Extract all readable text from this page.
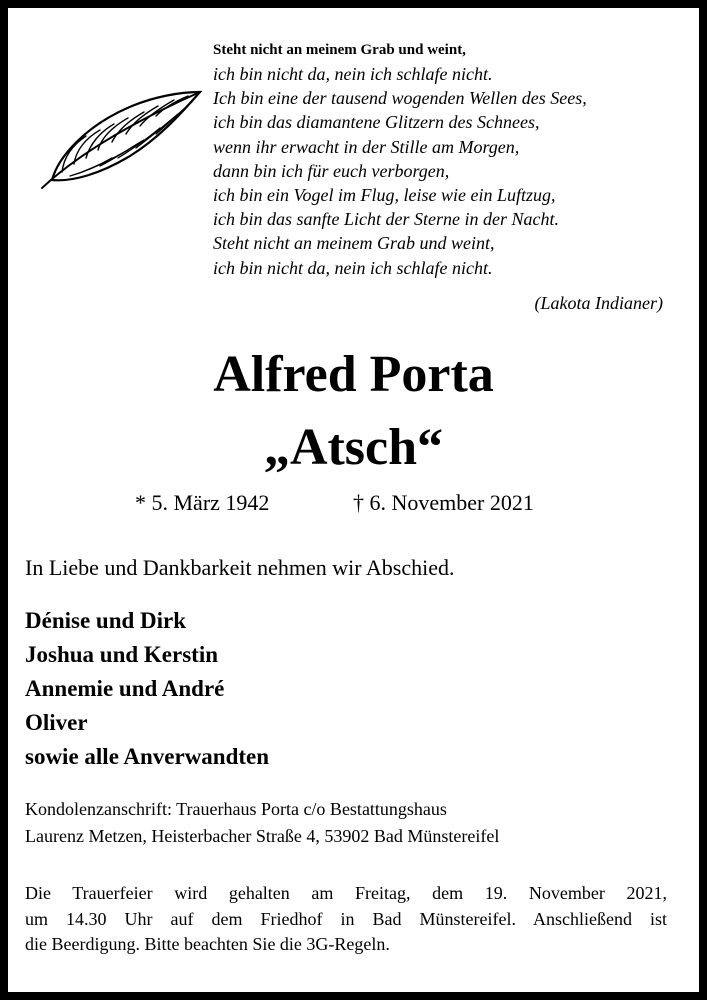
Steht nicht an meinem Grab und weint,
ich bin nicht da, nein ich schlafe nicht.
Ich bin eine der tausend wogenden Wellen des Sees,
ich bin das diamantene Glitzern des Schnees,
wenn ihr erwacht in der Stille am Morgen,
dann bin ich für euch verborgen,
ich bin ein Vogel im Flug, leise wie ein Luftzug,
ich bin das sanfte Licht der Sterne in der Nacht.
Steht nicht an meinem Grab und weint,
ich bin nicht da, nein ich schlafe nicht.
(Lakota Indianer)
Alfred Porta
„Atsch“
* 5. März 1942	† 6. November 2021
In Liebe und Dankbarkeit nehmen wir Abschied.
Dénise und Dirk
Joshua und Kerstin
Annemie und André
Oliver
sowie alle Anverwandten
Kondolenzanschrift: Trauerhaus Porta c/o Bestattungshaus
Laurenz Metzen, Heisterbacher Straße 4, 53902 Bad Münstereifel
Die Trauerfeier wird gehalten am Freitag, dem 19. November 2021,
um 14.30 Uhr auf dem Friedhof in Bad Münstereifel. Anschließend ist
die Beerdigung. Bitte beachten Sie die 3G-Regeln.
